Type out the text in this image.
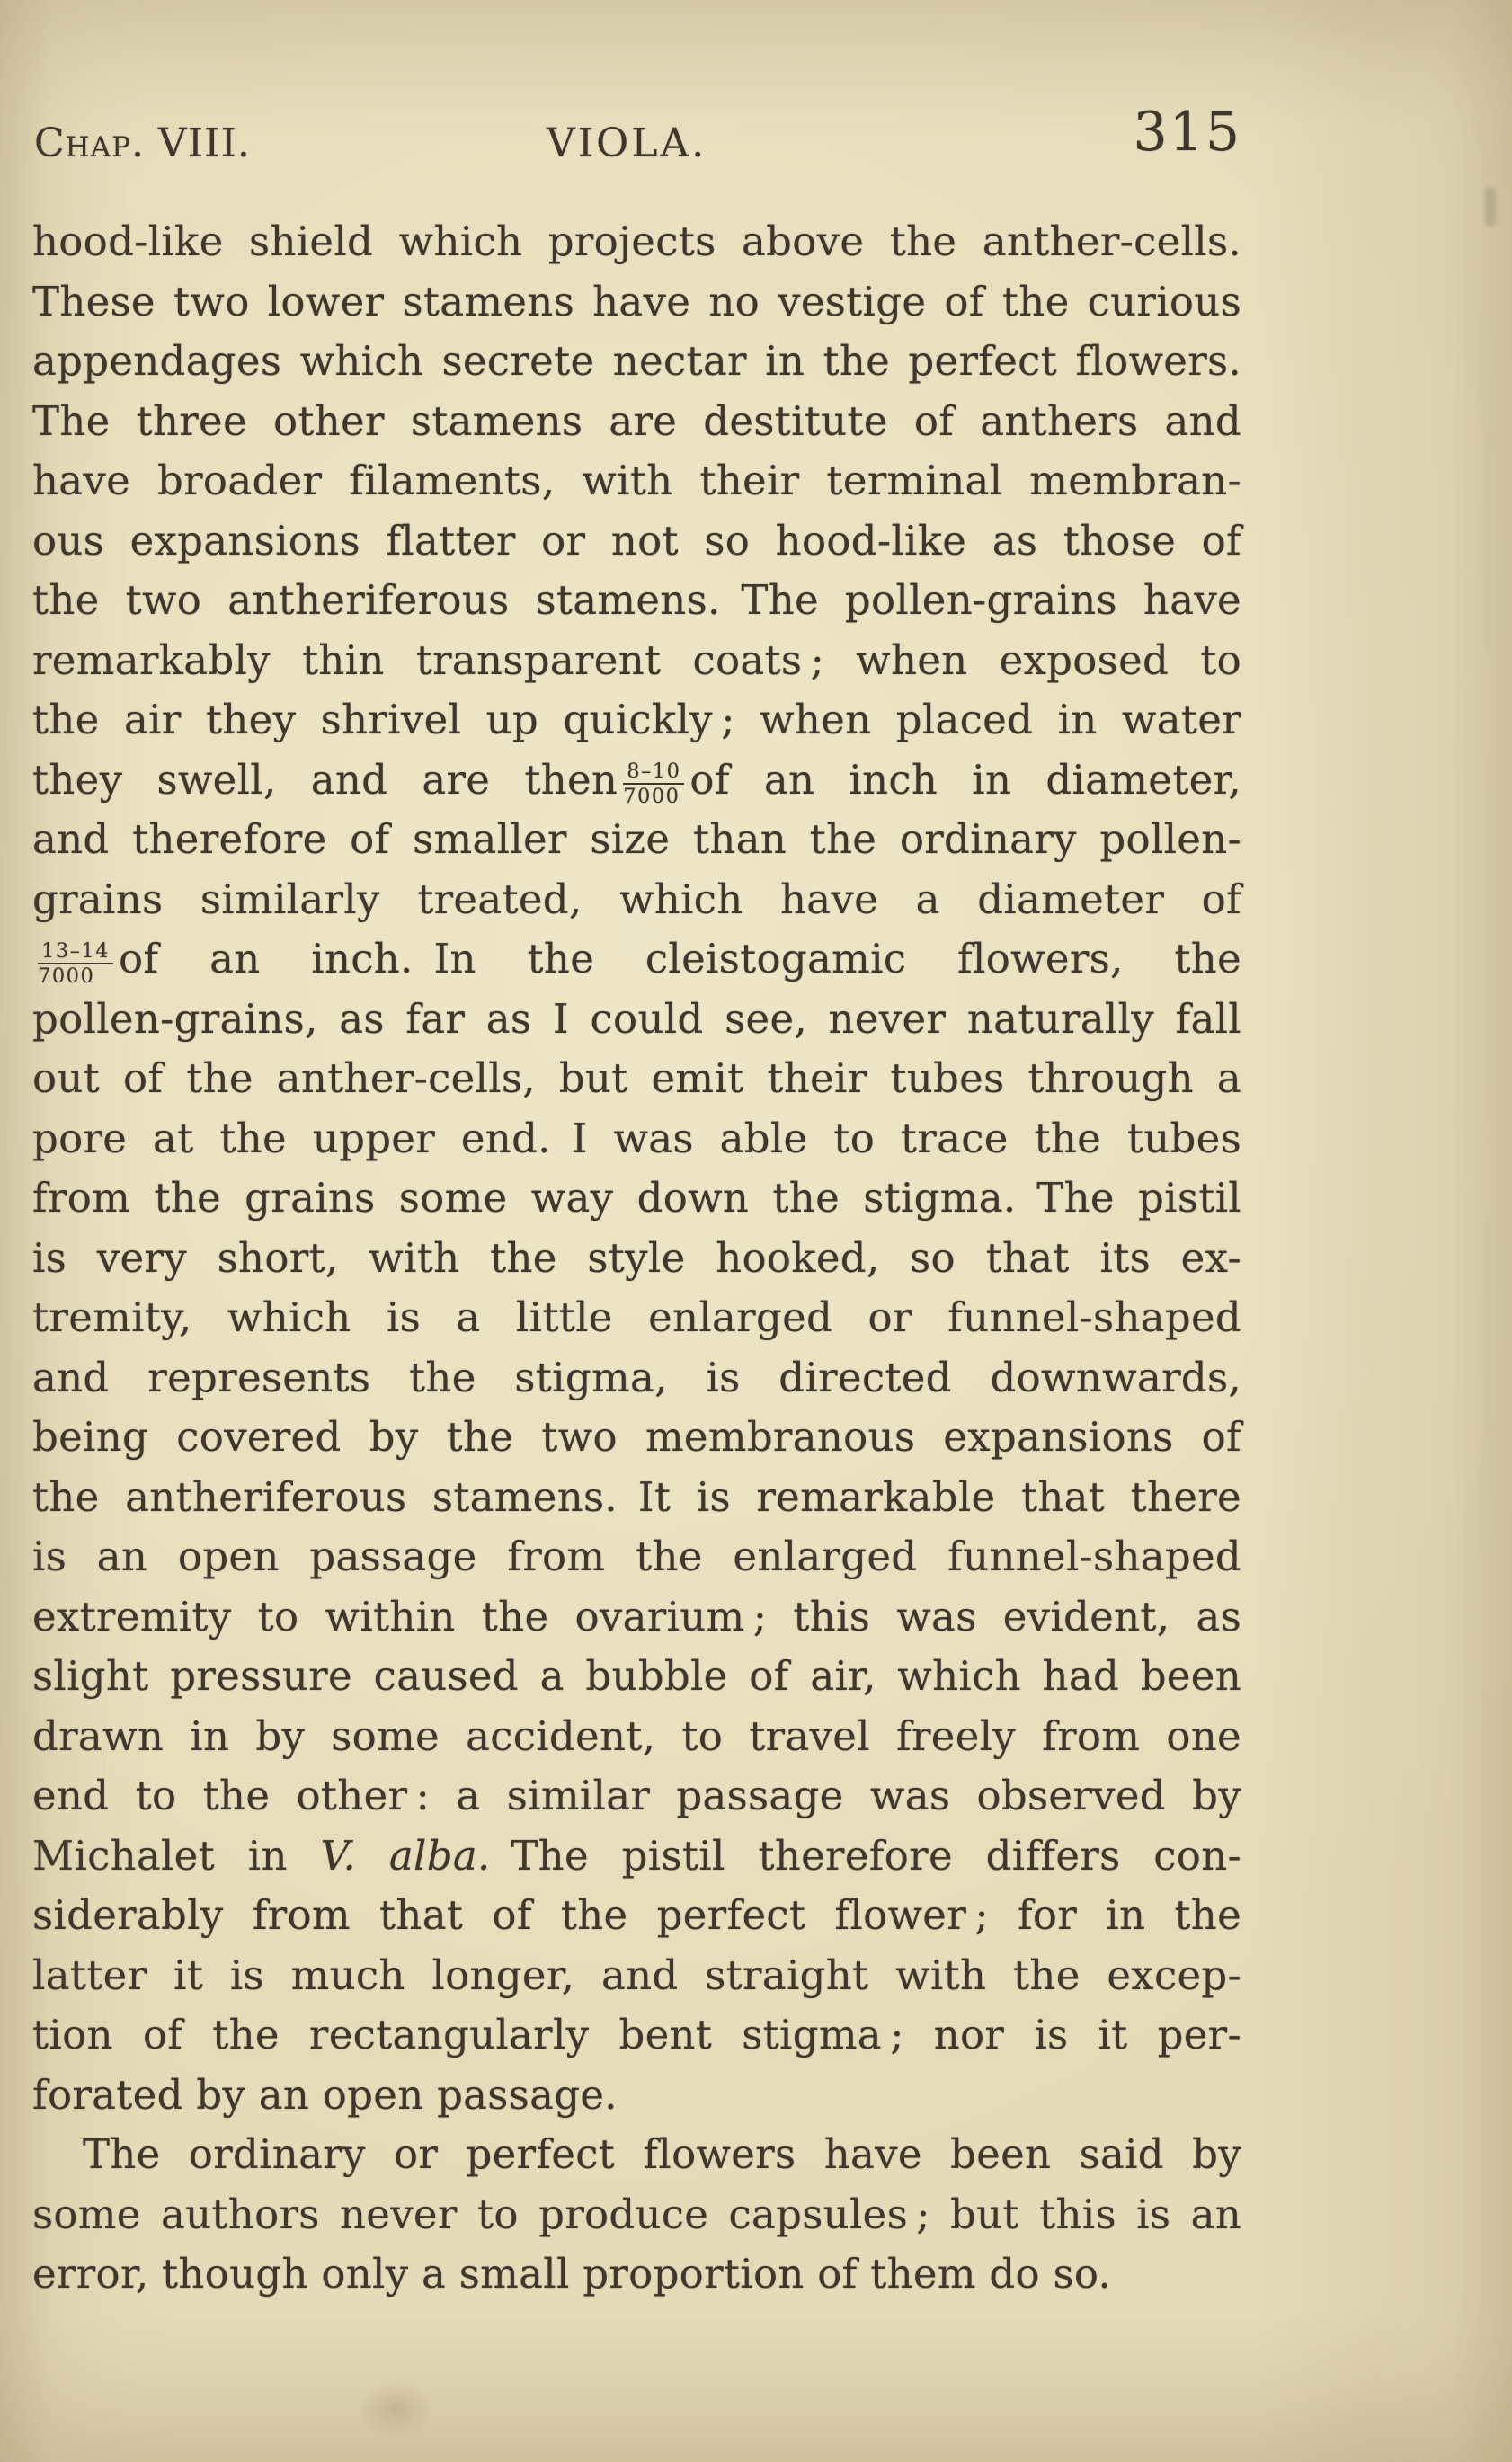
Chap. VIII.	VIOLA.	315
hood-like shield which projects above the anther-cells.
These two lower stamens have no vestige of the curious
appendages which secrete nectar in the perfect flowers.
The three other stamens are destitute of anthers and
have broader filaments, with their terminal membran-
ous expansions flatter or not so hood-like as those of
the two antheriferous stamens. The pollen-grains have
remarkably thin transparent coats ; when exposed to
the air they shrivel up quickly ; when placed in water
they swell, and are then $\frac{8-10}{7000}$ of an inch in diameter,
and therefore of smaller size than the ordinary pollen-
grains similarly treated, which have a diameter of
$\frac{13-14}{7000}$ of an inch. In the cleistogamic flowers, the
pollen-grains, as far as I could see, never naturally fall
out of the anther-cells, but emit their tubes through a
pore at the upper end. I was able to trace the tubes
from the grains some way down the stigma. The pistil
is very short, with the style hooked, so that its ex-
tremity, which is a little enlarged or funnel-shaped
and represents the stigma, is directed downwards,
being covered by the two membranous expansions of
the antheriferous stamens. It is remarkable that there
is an open passage from the enlarged funnel-shaped
extremity to within the ovarium ; this was evident, as
slight pressure caused a bubble of air, which had been
drawn in by some accident, to travel freely from one
end to the other : a similar passage was observed by
Michalet in V. alba. The pistil therefore differs con-
siderably from that of the perfect flower ; for in the
latter it is much longer, and straight with the excep-
tion of the rectangularly bent stigma ; nor is it per-
forated by an open passage.
The ordinary or perfect flowers have been said by
some authors never to produce capsules ; but this is an
error, though only a small proportion of them do so.
